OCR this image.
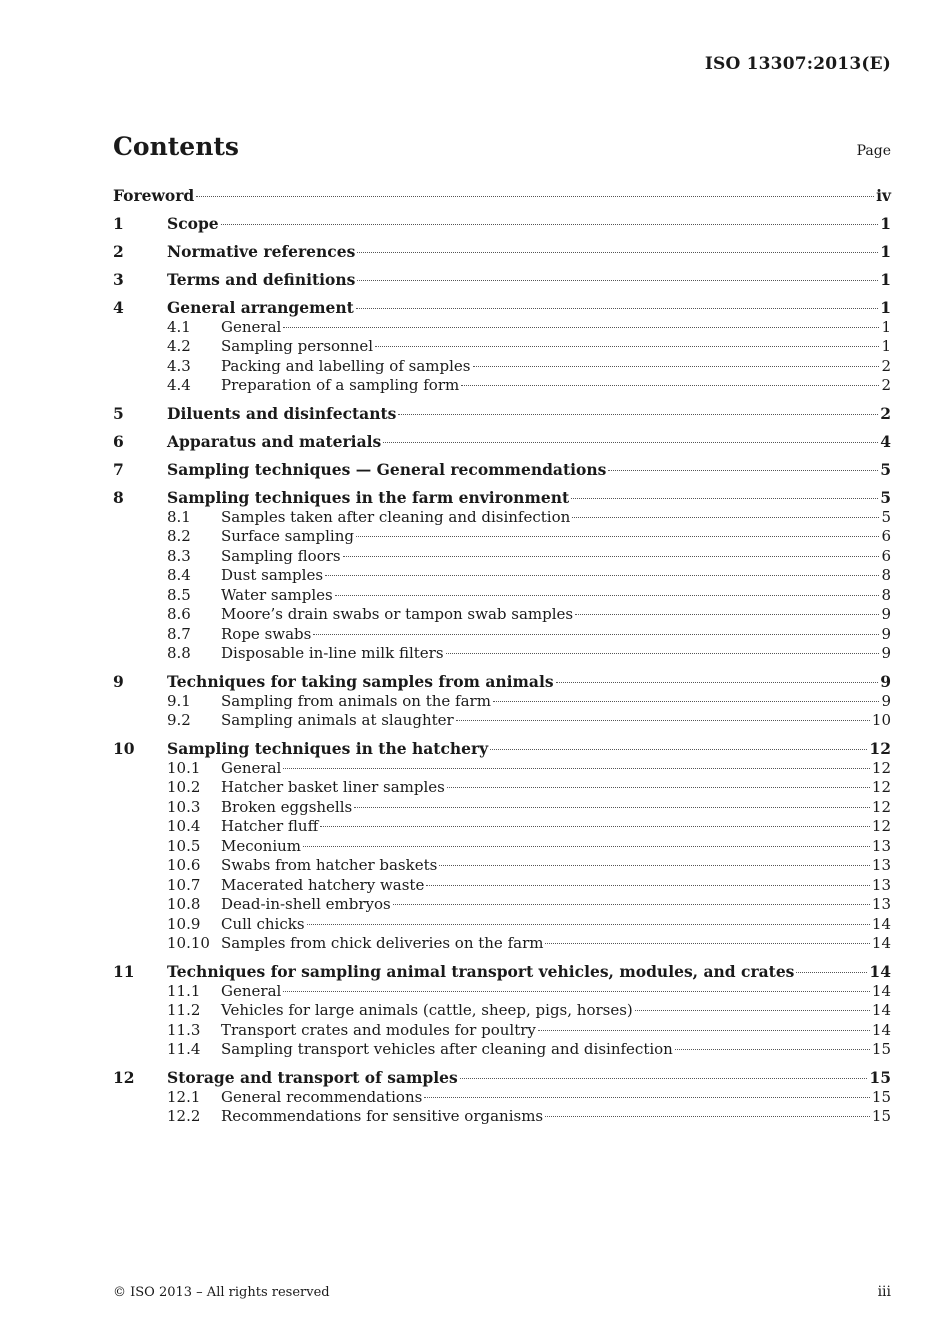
ISO 13307:2013(E)
Contents	Page
Foreword	iv
1	Scope	1
2	Normative references	1
3	Terms and definitions	1
4	General arrangement	1
4.1	General	1
4.2	Sampling personnel	1
4.3	Packing and labelling of samples	2
4.4	Preparation of a sampling form	2
5	Diluents and disinfectants	2
6	Apparatus and materials	4
7	Sampling techniques — General recommendations	5
8	Sampling techniques in the farm environment	5
8.1	Samples taken after cleaning and disinfection	5
8.2	Surface sampling	6
8.3	Sampling floors	6
8.4	Dust samples	8
8.5	Water samples	8
8.6	Moore’s drain swabs or tampon swab samples	9
8.7	Rope swabs	9
8.8	Disposable in-line milk filters	9
9	Techniques for taking samples from animals	9
9.1	Sampling from animals on the farm	9
9.2	Sampling animals at slaughter	10
10	Sampling techniques in the hatchery	12
10.1	General	12
10.2	Hatcher basket liner samples	12
10.3	Broken eggshells	12
10.4	Hatcher fluff	12
10.5	Meconium	13
10.6	Swabs from hatcher baskets	13
10.7	Macerated hatchery waste	13
10.8	Dead-in-shell embryos	13
10.9	Cull chicks	14
10.10 Samples from chick deliveries on the farm	14
11	Techniques for sampling animal transport vehicles, modules, and crates	14
11.1	General	14
11.2	Vehicles for large animals (cattle, sheep, pigs, horses)	14
11.3	Transport crates and modules for poultry	14
11.4	Sampling transport vehicles after cleaning and disinfection	15
12	Storage and transport of samples	15
12.1	General recommendations	15
12.2	Recommendations for sensitive organisms	15
© ISO 2013 – All rights reserved	iii
